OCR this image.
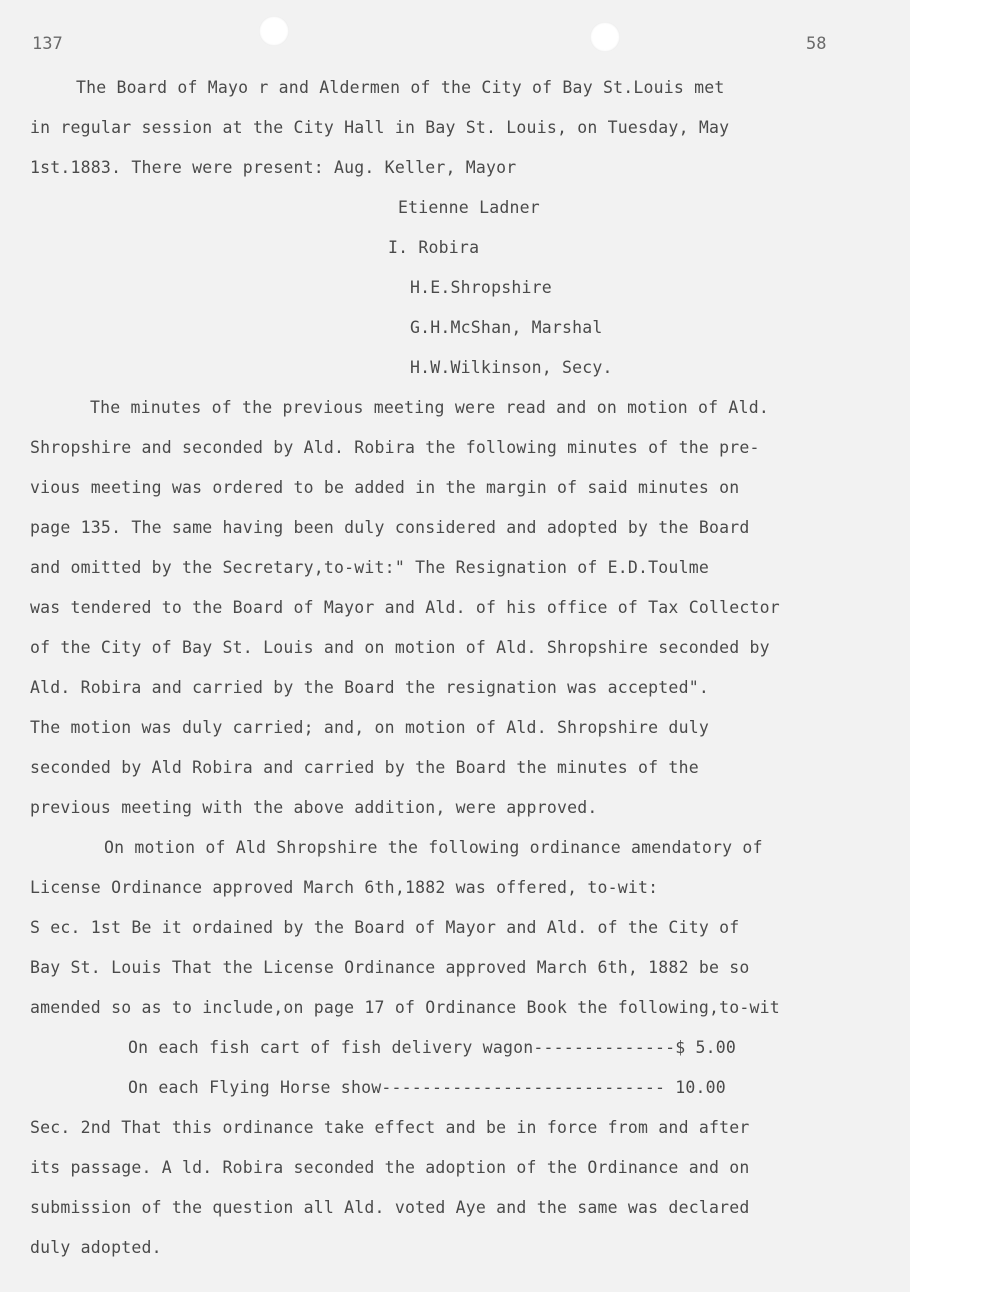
137	58
The Board of Mayo r and Aldermen of the City of Bay St.Louis met
in regular session at the City Hall in Bay St. Louis, on Tuesday, May
1st.1883. There were present: Aug. Keller, Mayor
Etienne Ladner
I. Robira
H.E.Shropshire
G.H.McShan, Marshal
H.W.Wilkinson, Secy.
The minutes of the previous meeting were read and on motion of Ald.
Shropshire and seconded by Ald. Robira the following minutes of the pre-
vious meeting was ordered to be added in the margin of said minutes on
page 135. The same having been duly considered and adopted by the Board
and omitted by the Secretary,to-wit:" The Resignation of E.D.Toulme
was tendered to the Board of Mayor and Ald. of his office of Tax Collector
of the City of Bay St. Louis and on motion of Ald. Shropshire seconded by
Ald. Robira and carried by the Board the resignation was accepted".
The motion was duly carried; and, on motion of Ald. Shropshire duly
seconded by Ald Robira and carried by the Board the minutes of the
previous meeting with the above addition, were approved.
On motion of Ald Shropshire the following ordinance amendatory of
License Ordinance approved March 6th,1882 was offered, to-wit:
S ec. 1st Be it ordained by the Board of Mayor and Ald. of the City of
Bay St. Louis That the License Ordinance approved March 6th, 1882 be so
amended so as to include,on page 17 of Ordinance Book the following,to-wit
On each fish cart of fish delivery wagon--------------$ 5.00
On each Flying Horse show---------------------------- 10.00
Sec. 2nd That this ordinance take effect and be in force from and after
its passage. A ld. Robira seconded the adoption of the Ordinance and on
submission of the question all Ald. voted Aye and the same was declared
duly adopted.
